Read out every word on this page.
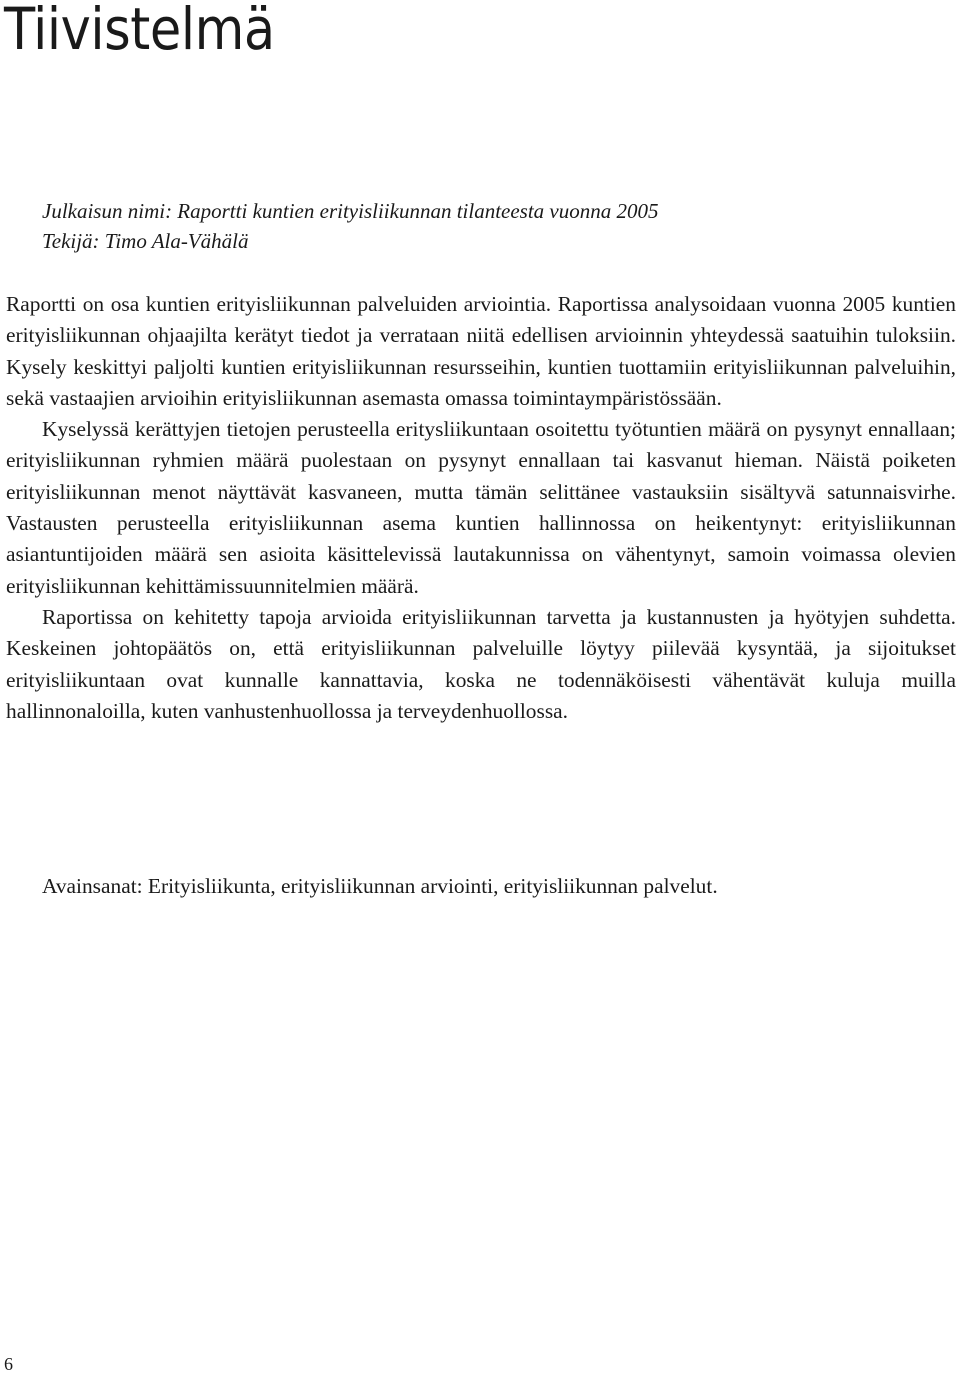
Tiivistelmä
Julkaisun nimi: Raportti kuntien erityisliikunnan tilanteesta vuonna 2005
Tekijä: Timo Ala-Vähälä

Raportti on osa kuntien erityisliikunnan palveluiden arviointia. Raportissa analysoidaan vuonna 2005 kuntien erityisliikunnan ohjaajilta kerätyt tiedot ja verrataan niitä edellisen arvioinnin yhteydessä saatuihin tuloksiin. Kysely keskittyi paljolti kuntien erityisliikunnan resursseihin, kuntien tuottamiin erityisliikunnan palveluihin, sekä vastaajien arvioihin erityisliikunnan asemasta omassa toimintaympäristössään.

Kyselyssä kerättyjen tietojen perusteella eritysliikuntaan osoitettu työtuntien määrä on pysynyt ennallaan; erityisliikunnan ryhmien määrä puolestaan on pysynyt ennallaan tai kasvanut hieman. Näistä poiketen erityisliikunnan menot näyttävät kasvaneen, mutta tämän selittänee vastauksiin sisältyvä satunnaisvirhe. Vastausten perusteella erityisliikunnan asema kuntien hallinnossa on heikentynyt: erityisliikunnan asiantuntijoiden määrä sen asioita käsittelevissä lautakunnissa on vähentynyt, samoin voimassa olevien erityisliikunnan kehittämissuunnitelmien määrä.

Raportissa on kehitetty tapoja arvioida erityisliikunnan tarvetta ja kustannusten ja hyötyjen suhdetta. Keskeinen johtopäätös on, että erityisliikunnan palveluille löytyy piilevää kysyntää, ja sijoitukset erityisliikuntaan ovat kunnalle kannattavia, koska ne todennäköisesti vähentävät kuluja muilla hallinnonaloilla, kuten vanhustenhuollossa ja terveydenhuollossa.

Avainsanat: Erityisliikunta, erityisliikunnan arviointi, erityisliikunnan palvelut.
6
